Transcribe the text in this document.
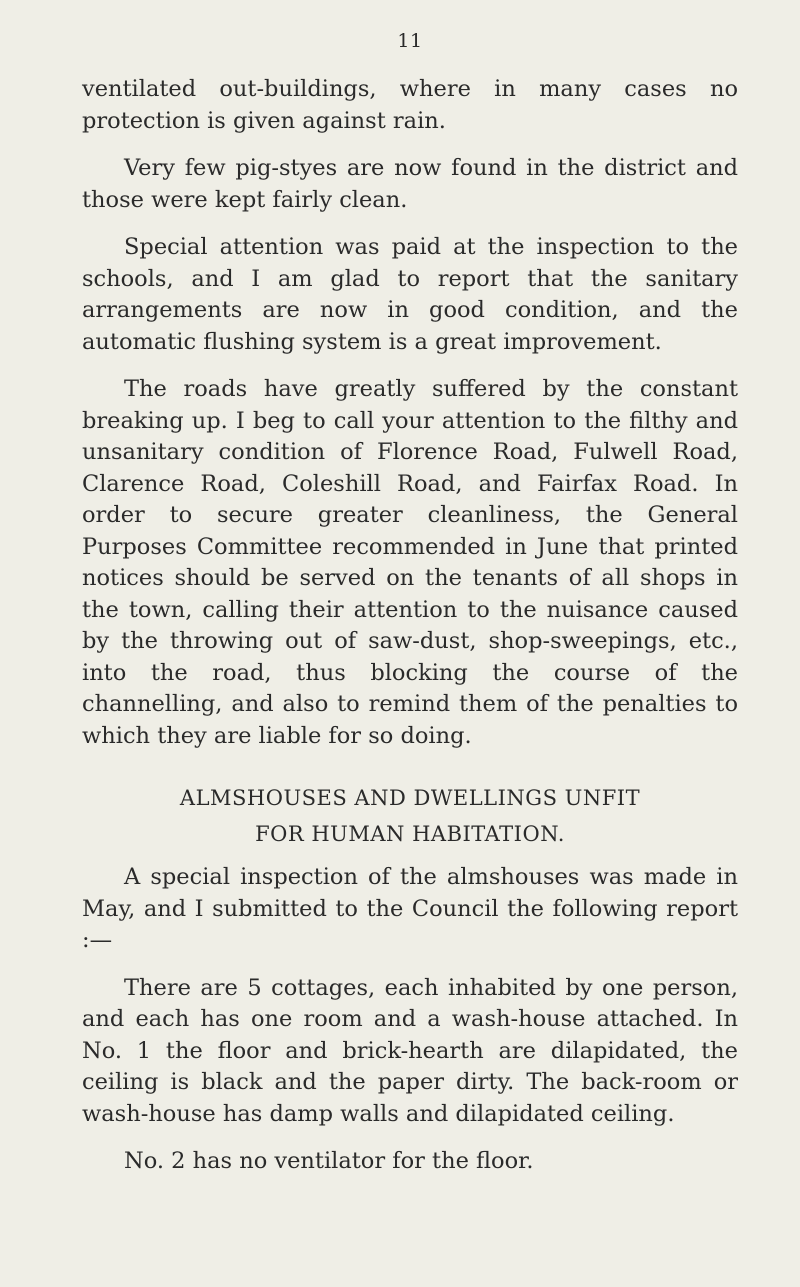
11

ventilated out-buildings, where in many cases no protection is given against rain.

Very few pig-styes are now found in the district and those were kept fairly clean.

Special attention was paid at the inspection to the schools, and I am glad to report that the sanitary arrangements are now in good condition, and the automatic flushing system is a great improvement.

The roads have greatly suffered by the constant breaking up. I beg to call your attention to the filthy and unsanitary condition of Florence Road, Fulwell Road, Clarence Road, Coleshill Road, and Fairfax Road. In order to secure greater cleanliness, the General Purposes Committee recommended in June that printed notices should be served on the tenants of all shops in the town, calling their attention to the nuisance caused by the throwing out of saw-dust, shop-sweepings, etc., into the road, thus blocking the course of the channelling, and also to remind them of the penalties to which they are liable for so doing.

ALMSHOUSES AND DWELLINGS UNFIT
FOR HUMAN HABITATION.

A special inspection of the almshouses was made in May, and I submitted to the Council the following report :—

There are 5 cottages, each inhabited by one person, and each has one room and a wash-house attached. In No. 1 the floor and brick-hearth are dilapidated, the ceiling is black and the paper dirty. The back-room or wash-house has damp walls and dilapidated ceiling.

No. 2 has no ventilator for the floor.
